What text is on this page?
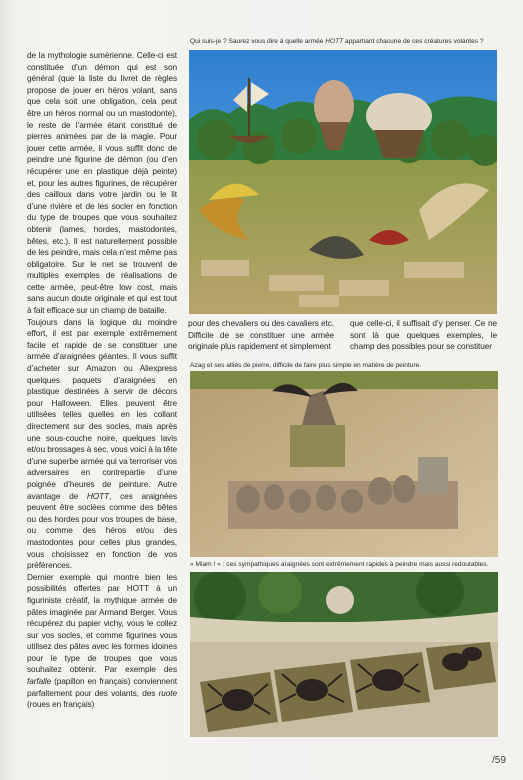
de la mythologie sumérienne. Celle-ci est constituée d’un démon qui est son général (que la liste du livret de règles propose de jouer en héros volant, sans que cela soit une obligation, cela peut être un héros normal ou un mastodonte), le reste de l’armée étant constitué de pierres animées par de la magie. Pour jouer cette armée, il vous suffit donc de peindre une figurine de démon (ou d’en récupérer une en plastique déjà peinte) et, pour les autres figurines, de récupérer des cailloux dans votre jardin ou le lit d’une rivière et de les socler en fonction du type de troupes que vous souhaitez obtenir (lames, hordes, mastodontes, bêtes, etc.). Il est naturellement possible de les peindre, mais cela n’est même pas obligatoire. Sur le net se trouvent de multiples exemples de réalisations de cette armée, peut-être low cost, mais sans aucun doute originale et qui est tout à fait efficace sur un champ de bataille.

Toujours dans la logique du moindre effort, il est par exemple extrêmement facile et rapide de se constituer une armée d’araignées géantes. Il vous suffit d’acheter sur Amazon ou Aliexpress quelques paquets d’araignées en plastique destinées à servir de décors pour Halloween. Elles peuvent être utilisées telles quelles en les collant directement sur des socles, mais après une sous-couche noire, quelques lavis et/ou brossages à sec, vous voici à la tête d’une superbe armée qui va terroriser vos adversaires en contrepartie d’une poignée d’heures de peinture. Autre avantage de HOTT, ces araignées peuvent être soclées comme des bêtes ou des hordes pour vos troupes de base, ou comme des héros et/ou des mastodontes pour celles plus grandes, vous choisissez en fonction de vos préférences.

Dernier exemple qui montre bien les possibilités offertes par HOTT à un figuriniste créatif, la mythique armée de pâtes imaginée par Armand Berger. Vous récupérez du papier vichy, vous le collez sur vos socles, et comme figurines vous utilisez des pâtes avec les formes idoines pour le type de troupes que vous souhaitez obtenir. Par exemple des farfalle (papillon en français) conviennent parfaitement pour des volants, des ruote (roues en français)

Qui suis-je ? Saurez vous dire à quelle armée HOTT appartiant chacune de ces créatures volantes ?

pour des chevaliers ou des cavaliers etc. Difficile de se constituer une armée originale plus rapidement et simplement

que celle-ci, il suffisait d’y penser. Ce ne sont là que quelques exemples, le champ des possibles pour se constituer

Azag et ses alliés de pierre, difficile de faire plus simple en matière de peinture.
« Miam ! » : ces sympathiques araignées sont extrêmement rapides à peindre mais aussi redoutables.
/59
